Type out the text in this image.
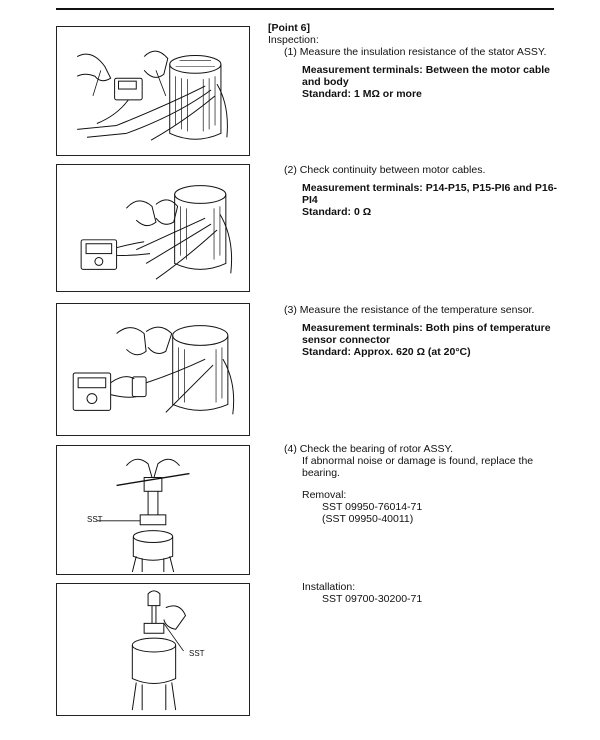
[Point 6]
Inspection:
(1) Measure the insulation resistance of the stator ASSY.
Measurement terminals: Between the motor cable and body
Standard: 1 MΩ or more
(2) Check continuity between motor cables.
Measurement terminals: P14-P15, P15-PI6 and P16-PI4
Standard: 0 Ω
(3) Measure the resistance of the temperature sensor.
Measurement terminals: Both pins of temperature sensor connector
Standard: Approx. 620 Ω (at 20°C)
(4) Check the bearing of rotor ASSY.
If abnormal noise or damage is found, replace the bearing.
Removal:
SST 09950-76014-71
(SST 09950-40011)
Installation:
SST 09700-30200-71
SST
SST
